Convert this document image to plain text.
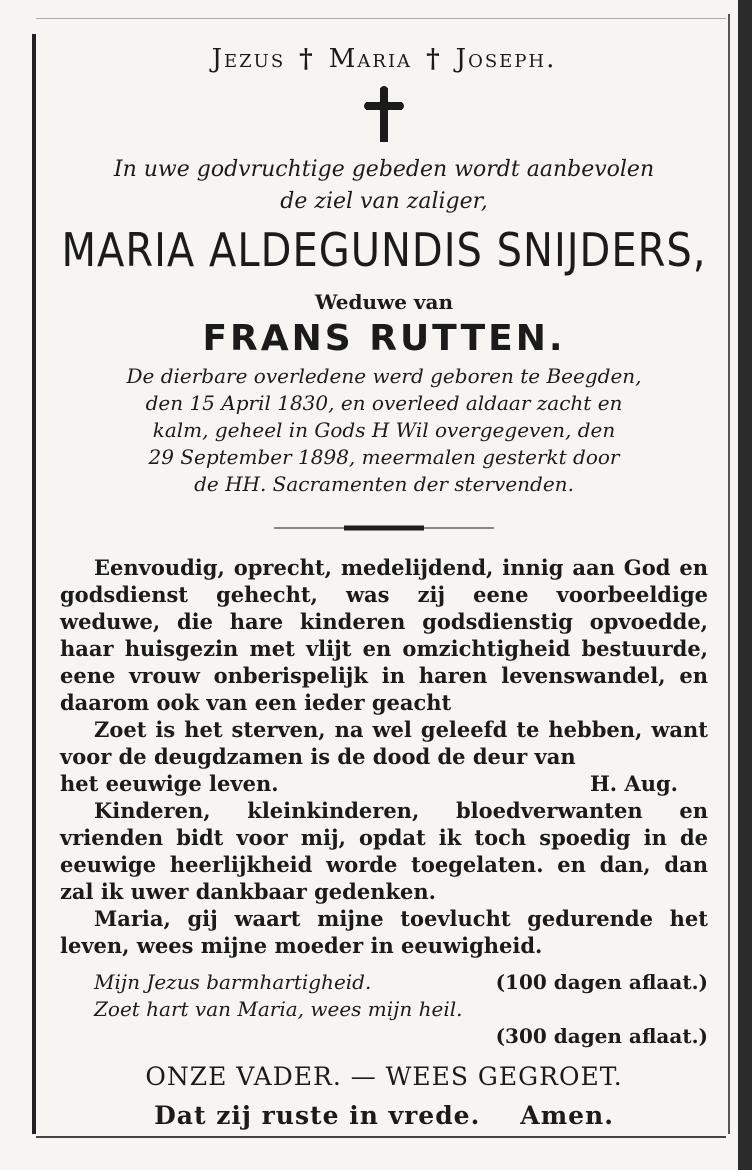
Jezus † Maria † Joseph.
In uwe godvruchtige gebeden wordt aanbevolen
de ziel van zaliger,
MARIA ALDEGUNDIS SNIJDERS,
Weduwe van
FRANS RUTTEN.
De dierbare overledene werd geboren te Beegden,
den 15 April 1830, en overleed aldaar zacht en
kalm, geheel in Gods H Wil overgegeven, den
29 September 1898, meermalen gesterkt door
de HH. Sacramenten der stervenden.

Eenvoudig, oprecht, medelijdend, innig aan God en godsdienst gehecht, was zij eene voorbeeldige weduwe, die hare kinderen godsdienstig opvoedde, haar huisgezin met vlijt en omzichtigheid bestuurde, eene vrouw onberispelijk in haren levenswandel, en daarom ook van een ieder geacht

Zoet is het sterven, na wel geleefd te hebben, want voor de deugdzamen is de dood de deur van

het eeuwige leven.	H. Aug.

Kinderen, kleinkinderen, bloedverwanten en vrienden bidt voor mij, opdat ik toch spoedig in de eeuwige heerlijkheid worde toegelaten. en dan, dan zal ik uwer dankbaar gedenken.

Maria, gij waart mijne toevlucht gedurende het leven, wees mijne moeder in eeuwigheid.

Mijn Jezus barmhartigheid.	(100 dagen aflaat.)
Zoet hart van Maria, wees mijn heil.
(300 dagen aflaat.)
ONZE VADER. — WEES GEGROET.
Dat zij ruste in vrede. Amen.
